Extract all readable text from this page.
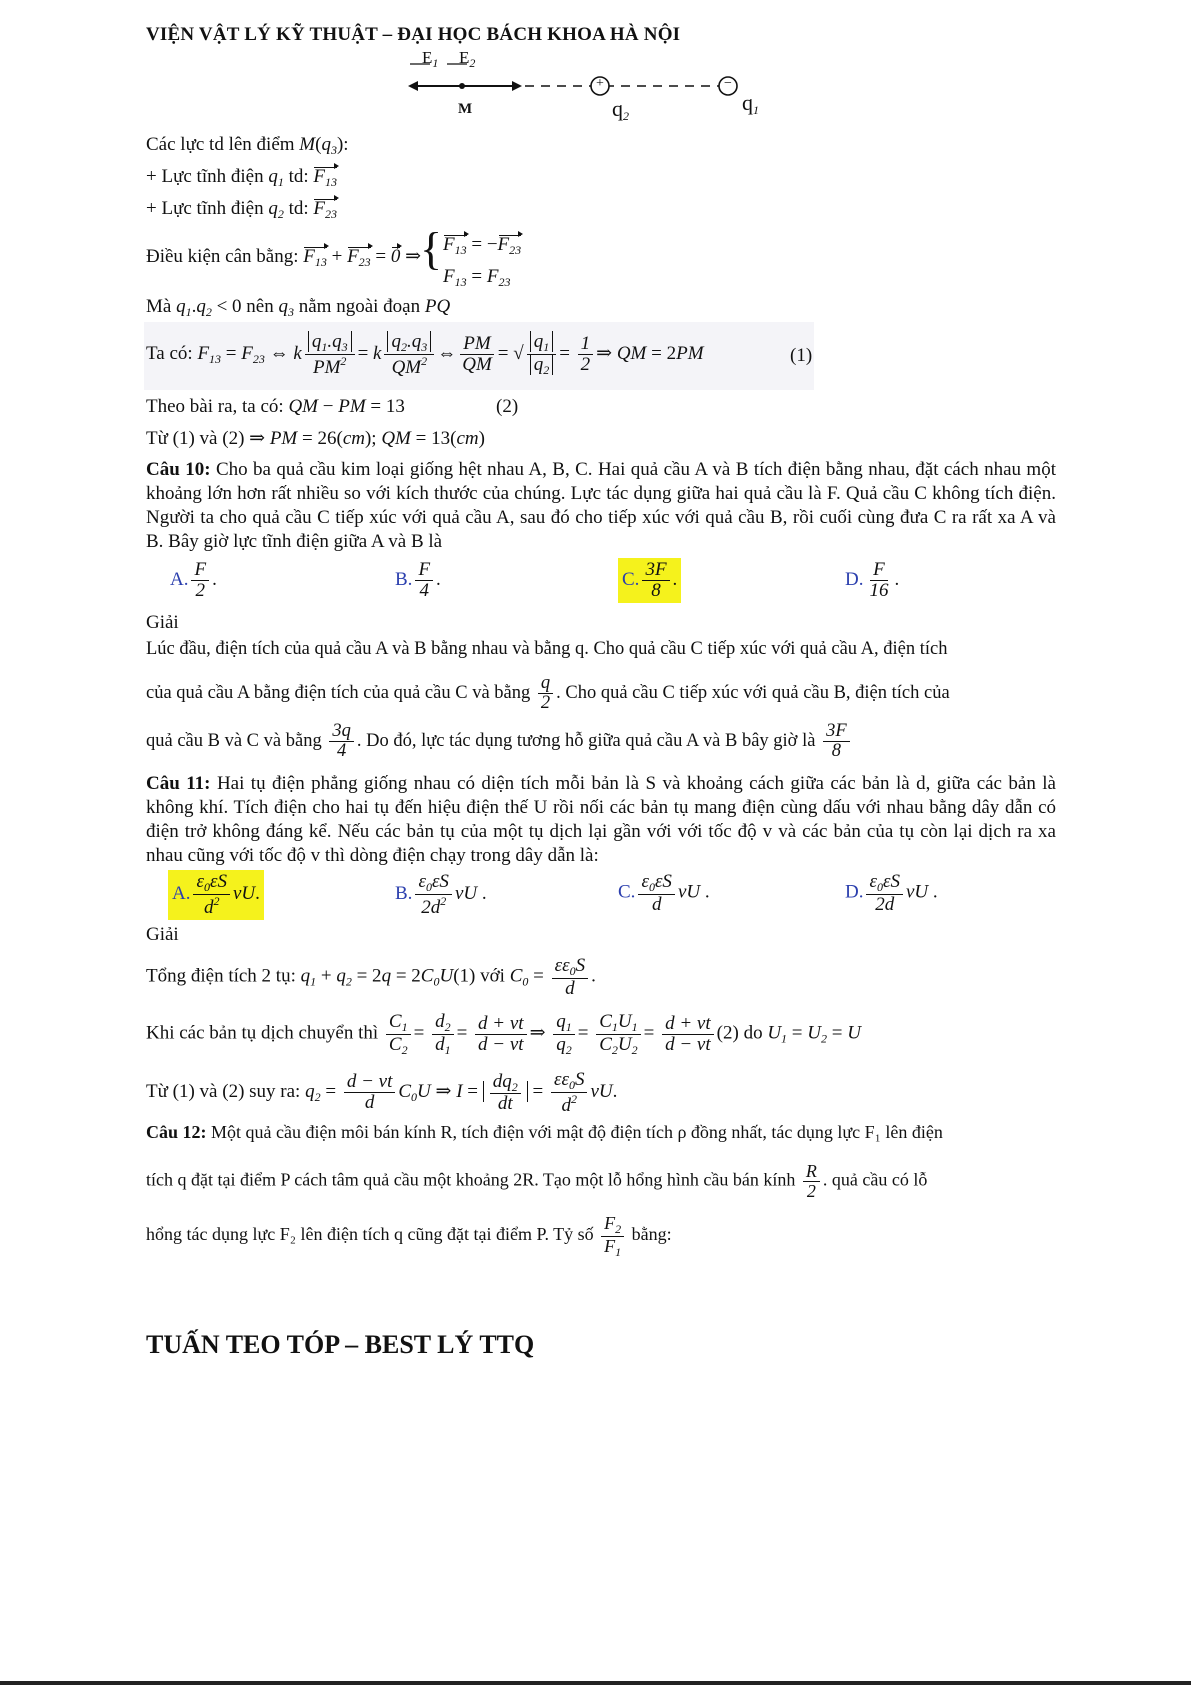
VIỆN VẬT LÝ KỸ THUẬT – ĐẠI HỌC BÁCH KHOA HÀ NỘI
$E_1$ $E_2$
+	−
M	$q_2$
$q_1$
Các lực td lên điểm $M(q_3)$:
+ Lực tĩnh điện $q_1$ td: $F_{13}$
+ Lực tĩnh điện $q_2$ td: $F_{23}$
Điều kiện cân bằng: $F_{13} + F_{23} = 0$ ⇒
{ $F_{13} = -F_{23}$
$F_{13} = F_{23}$
Mà $q_1.q_2 < 0$ nên $q_3$ nằm ngoài đoạn PQ
Ta có: $F_{13} = F_{23}$ ⇔ k $\frac{q_1.q_3}{PM^2} = k \frac{q_2.q_3}{QM^2}$ ⇔ $\frac{PM}{QM}$ = √ $\frac{q_1}{q_2} = \frac{1}{2}$ ⇒ QM = 2PM	(1)
Theo bài ra, ta có: QM − PM = 13	(2)
Từ (1) và (2) ⇒ PM = 26(cm); QM = 13(cm)
Câu 10: Cho ba quả cầu kim loại giống hệt nhau A, B, C. Hai quả cầu A và B tích điện bằng nhau, đặt cách nhau một khoảng lớn hơn rất nhiều so với kích thước của chúng. Lực tác dụng giữa hai quả cầu là F. Quả cầu C không tích điện. Người ta cho quả cầu C tiếp xúc với quả cầu A, sau đó cho tiếp xúc với quả cầu B, rồi cuối cùng đưa C ra rất xa A và B. Bây giờ lực tĩnh điện giữa A và B là
A. $\frac{F}{2}$ .	B. $\frac{F}{4}$ .	C. $\frac{3F}{8}$ .	D. $\frac{F}{16}$ .
Giải
Lúc đầu, điện tích của quả cầu A và B bằng nhau và bằng q. Cho quả cầu C tiếp xúc với quả cầu A, điện tích
của quả cầu A bằng điện tích của quả cầu C và bằng $\frac{q}{2}$ . Cho quả cầu C tiếp xúc với quả cầu B, điện tích của
quả cầu B và C và bằng $\frac{3q}{4}$ . Do đó, lực tác dụng tương hỗ giữa quả cầu A và B bây giờ là $\frac{3F}{8}$
Câu 11: Hai tụ điện phẳng giống nhau có diện tích mỗi bản là S và khoảng cách giữa các bản là d, giữa các bản là không khí. Tích điện cho hai tụ đến hiệu điện thế U rồi nối các bản tụ mang điện cùng dấu với nhau bằng dây dẫn có điện trở không đáng kể. Nếu các bản tụ của một tụ dịch lại gần với với tốc độ v và các bản của tụ còn lại dịch ra xa nhau cũng với tốc độ v thì dòng điện chạy trong dây dẫn là:
A. $\frac{\varepsilon_0\varepsilon S}{d^2}$ vU.	B. $\frac{\varepsilon_0\varepsilon S}{2d^2}$ vU .	C. $\frac{\varepsilon_0\varepsilon S}{d}$ vU .	D. $\frac{\varepsilon_0\varepsilon S}{2d}$ vU .
Giải
Tổng điện tích 2 tụ: $q_1 + q_2 = 2q = 2C_0U(1)$ với $C_0 = \frac{\varepsilon\varepsilon_0S}{d}$ .
Khi các bản tụ dịch chuyển thì $\frac{C_1}{C_2} = \frac{d_2}{d_1} = \frac{d + vt}{d - vt}$ ⇒ $\frac{q_1}{q_2} = \frac{C_1U_1}{C_2U_2} = \frac{d + vt}{d - vt} (2)$ do $U_1 = U_2 = U$
Từ (1) và (2) suy ra: $q_2 = \frac{d - vt}{d} C_0U$ ⇒ $I = \frac{dq_2}{dt} = \frac{\varepsilon\varepsilon_0S}{d^2}$ vU.
Câu 12: Một quả cầu điện môi bán kính R, tích điện với mật độ điện tích ρ đồng nhất, tác dụng lực F₁ lên điện
tích q đặt tại điểm P cách tâm quả cầu một khoảng 2R. Tạo một lỗ hổng hình cầu bán kính $\frac{R}{2}$ . quả cầu có lỗ
hổng tác dụng lực F₂ lên điện tích q cũng đặt tại điểm P. Tỷ số $\frac{F_2}{F_1}$ bằng:
TUẤN TEO TÓP – BEST LÝ TTQ
